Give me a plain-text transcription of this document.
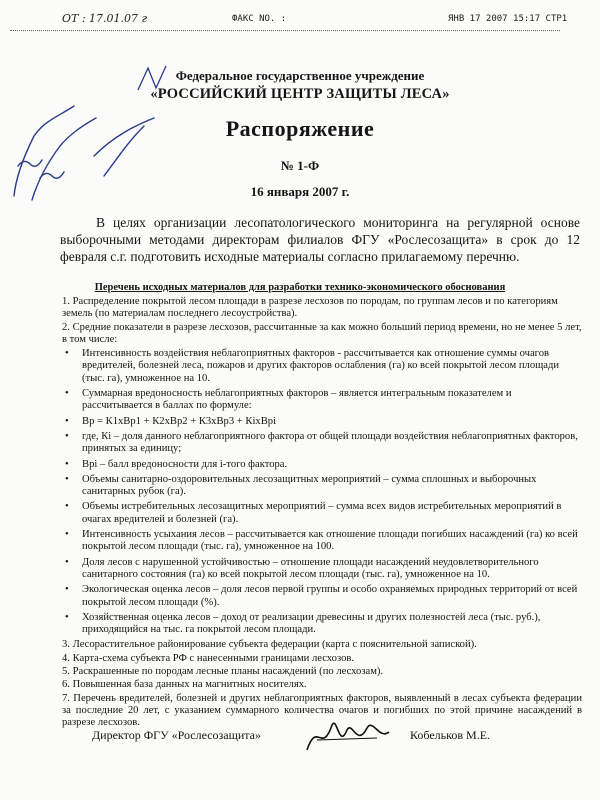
ОТ : 17.01.07 г	ФАКС NO. :	ЯНВ 17 2007 15:17 СТР1
Федеральное государственное учреждение
«РОССИЙСКИЙ ЦЕНТР ЗАЩИТЫ ЛЕСА»
Распоряжение
№ 1-Ф
16 января 2007 г.
В целях организации лесопатологического мониторинга на регулярной основе выборочными методами директорам филиалов ФГУ «Рослесозащита» в срок до 12 февраля с.г. подготовить исходные материалы согласно прилагаемому перечню.
Перечень исходных материалов для разработки технико-экономического обоснования

1. Распределение покрытой лесом площади в разрезе лесхозов по породам, по группам лесов и по категориям земель (по материалам последнего лесоустройства).

2. Средние показатели в разрезе лесхозов, рассчитанные за как можно больший период времени, но не менее 5 лет, в том числе:

• Интенсивность воздействия неблагоприятных факторов - рассчитывается как отношение суммы очагов вредителей, болезней леса, пожаров и других факторов ослабления (га) ко всей покрытой лесом площади (тыс. га), умноженное на 10.
• Суммарная вредоносность неблагоприятных факторов – является интегральным показателем и рассчитывается в баллах по формуле:
• Вр = К1хВр1 + К2хВр2 + К3хВр3 + КixВрi
• где, Кi – доля данного неблагоприятного фактора от общей площади воздействия неблагоприятных факторов, принятых за единицу;
• Врi – балл вредоносности для i-того фактора.
• Объемы санитарно-оздоровительных лесозащитных мероприятий – сумма сплошных и выборочных санитарных рубок (га).
• Объемы истребительных лесозащитных мероприятий – сумма всех видов истребительных мероприятий в очагах вредителей и болезней (га).
• Интенсивность усыхания лесов – рассчитывается как отношение площади погибших насаждений (га) ко всей покрытой лесом площади (тыс. га), умноженное на 100.
• Доля лесов с нарушенной устойчивостью – отношение площади насаждений неудовлетворительного санитарного состояния (га) ко всей покрытой лесом площади (тыс. га), умноженное на 10.
• Экологическая оценка лесов – доля лесов первой группы и особо охраняемых природных территорий от всей покрытой лесом площади (%).
• Хозяйственная оценка лесов – доход от реализации древесины и других полезностей леса (тыс. руб.), приходящийся на тыс. га покрытой лесом площади.

3. Лесорастительное районирование субъекта федерации (карта с пояснительной запиской).

4. Карта-схема субъекта РФ с нанесенными границами лесхозов.

5. Раскрашенные по породам лесные планы насаждений (по лесхозам).

6. Повышенная база данных на магнитных носителях.

7. Перечень вредителей, болезней и других неблагоприятных факторов, выявленный в лесах субъекта федерации за последние 20 лет, с указанием суммарного количества очагов и погибших по этой причине насаждений в разрезе лесхозов.

Директор ФГУ «Рослесозащита»	Кобельков М.Е.
